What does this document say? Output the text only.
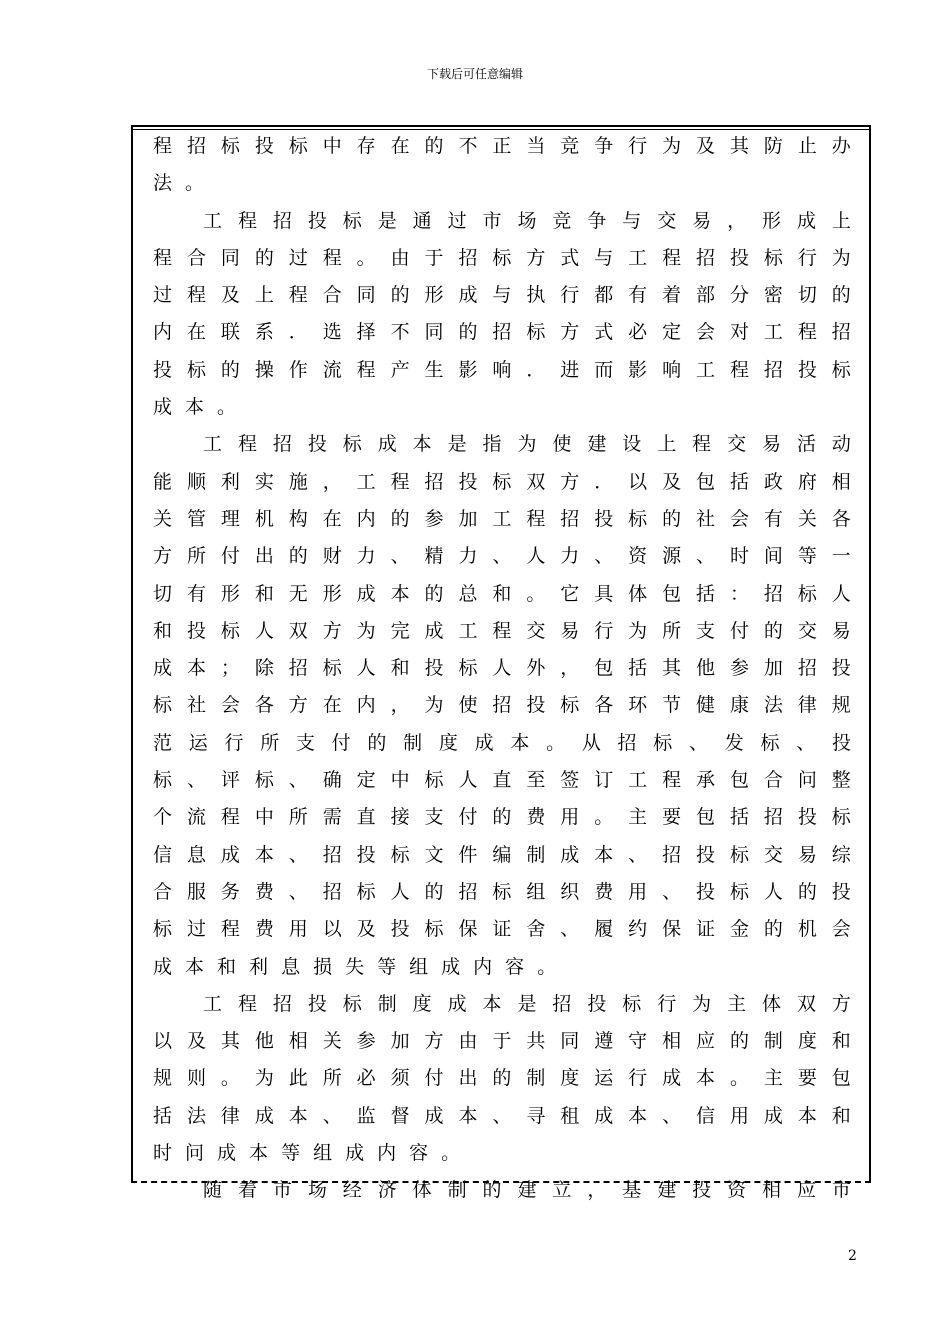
下载后可任意编辑
程 招 标 投 标 中 存 在 的 不 正 当 竞 争 行 为 及 其 防 止 办
法 。
工 程 招 投 标 是 通 过 市 场 竞 争 与 交 易 ， 形 成 上
程 合 同 的 过 程 。 由 于 招 标 方 式 与 工 程 招 投 标 行 为
过 程 及 上 程 合 同 的 形 成 与 执 行 都 有 着 部 分 密 切 的
内 在 联 系 ． 选 择 不 同 的 招 标 方 式 必 定 会 对 工 程 招
投 标 的 操 作 流 程 产 生 影 响 ． 进 而 影 响 工 程 招 投 标
成 本 。
工 程 招 投 标 成 本 是 指 为 使 建 设 上 程 交 易 活 动
能 顺 利 实 施 ， 工 程 招 投 标 双 方 ． 以 及 包 括 政 府 相
关 管 理 机 构 在 内 的 参 加 工 程 招 投 标 的 社 会 有 关 各
方 所 付 出 的 财 力 、 精 力 、 人 力 、 资 源 、 时 间 等 一
切 有 形 和 无 形 成 本 的 总 和 。 它 具 体 包 括 ： 招 标 人
和 投 标 人 双 方 为 完 成 工 程 交 易 行 为 所 支 付 的 交 易
成 本 ； 除 招 标 人 和 投 标 人 外 ， 包 括 其 他 参 加 招 投
标 社 会 各 方 在 内 ， 为 使 招 投 标 各 环 节 健 康 法 律 规
范 运 行 所 支 付 的 制 度 成 本 。 从 招 标 、 发 标 、 投
标 、 评 标 、 确 定 中 标 人 直 至 签 订 工 程 承 包 合 问 整
个 流 程 中 所 需 直 接 支 付 的 费 用 。 主 要 包 括 招 投 标
信 息 成 本 、 招 投 标 文 件 编 制 成 本 、 招 投 标 交 易 综
合 服 务 费 、 招 标 人 的 招 标 组 织 费 用 、 投 标 人 的 投
标 过 程 费 用 以 及 投 标 保 证 舍 、 履 约 保 证 金 的 机 会
成 本 和 利 息 损 失 等 组 成 内 容 。
工 程 招 投 标 制 度 成 本 是 招 投 标 行 为 主 体 双 方
以 及 其 他 相 关 参 加 方 由 于 共 同 遵 守 相 应 的 制 度 和
规 则 。 为 此 所 必 须 付 出 的 制 度 运 行 成 本 。 主 要 包
括 法 律 成 本 、 监 督 成 本 、 寻 租 成 本 、 信 用 成 本 和
时 问 成 本 等 组 成 内 容 。
随 着 市 场 经 济 体 制 的 建 立 ， 基 建 投 资 相 应 市
2
